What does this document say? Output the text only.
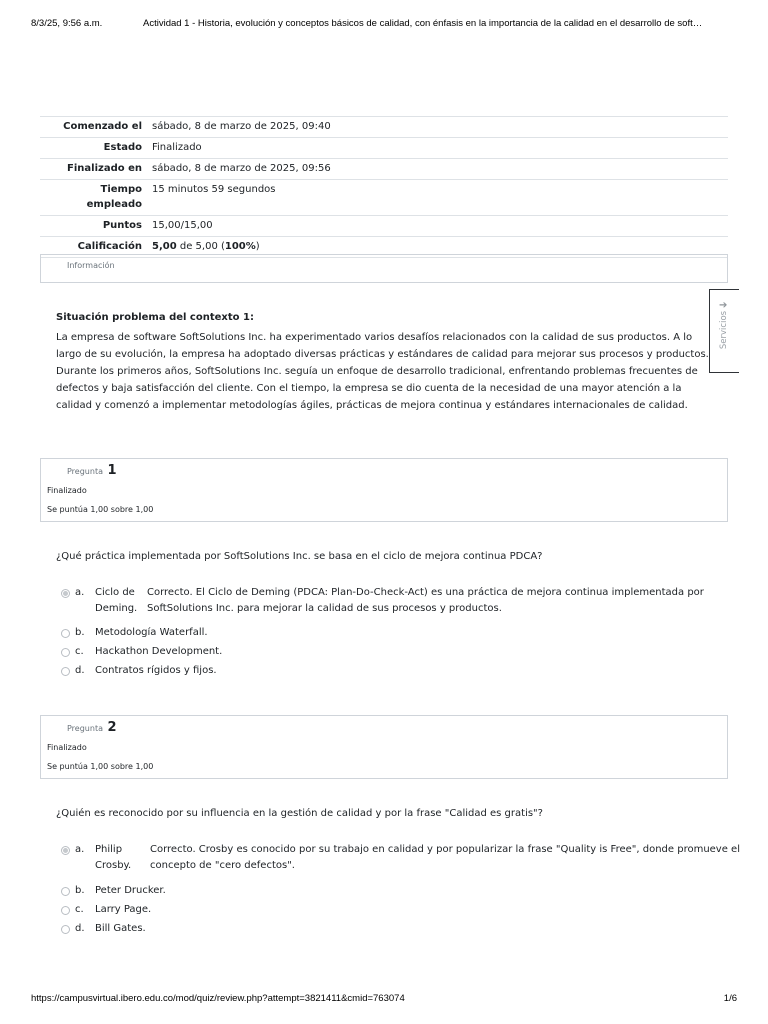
8/3/25, 9:56 a.m.	Actividad 1 - Historia, evolución y conceptos básicos de calidad, con énfasis en la importancia de la calidad en el desarrollo de soft…
Comenzado el	sábado, 8 de marzo de 2025, 09:40
Estado	Finalizado
Finalizado en	sábado, 8 de marzo de 2025, 09:56
Tiempo
empleado	15 minutos 59 segundos
Puntos	15,00/15,00
Calificación	5,00 de 5,00 (100%)
Información
Situación problema del contexto 1:

La empresa de software SoftSolutions Inc. ha experimentado varios desafíos relacionados con la calidad de sus productos. A lo largo de su evolución, la empresa ha adoptado diversas prácticas y estándares de calidad para mejorar sus procesos y productos. Durante los primeros años, SoftSolutions Inc. seguía un enfoque de desarrollo tradicional, enfrentando problemas frecuentes de defectos y baja satisfacción del cliente. Con el tiempo, la empresa se dio cuenta de la necesidad de una mayor atención a la calidad y comenzó a implementar metodologías ágiles, prácticas de mejora continua y estándares internacionales de calidad.

➔
Servicios
Pregunta 1
Finalizado
Se puntúa 1,00 sobre 1,00
¿Qué práctica implementada por SoftSolutions Inc. se basa en el ciclo de mejora continua PDCA?
a. Ciclo de
Deming.
Correcto. El Ciclo de Deming (PDCA: Plan-Do-Check-Act) es una práctica de mejora continua implementada por
SoftSolutions Inc. para mejorar la calidad de sus procesos y productos.
b. Metodología Waterfall.
c. Hackathon Development.
d. Contratos rígidos y fijos.
Pregunta 2
Finalizado
Se puntúa 1,00 sobre 1,00
¿Quién es reconocido por su influencia en la gestión de calidad y por la frase "Calidad es gratis"?
a. Philip
Crosby.
Correcto. Crosby es conocido por su trabajo en calidad y por popularizar la frase "Quality is Free", donde promueve el
concepto de "cero defectos".
b. Peter Drucker.
c. Larry Page.
d. Bill Gates.
https://campusvirtual.ibero.edu.co/mod/quiz/review.php?attempt=3821411&cmid=763074	1/6
